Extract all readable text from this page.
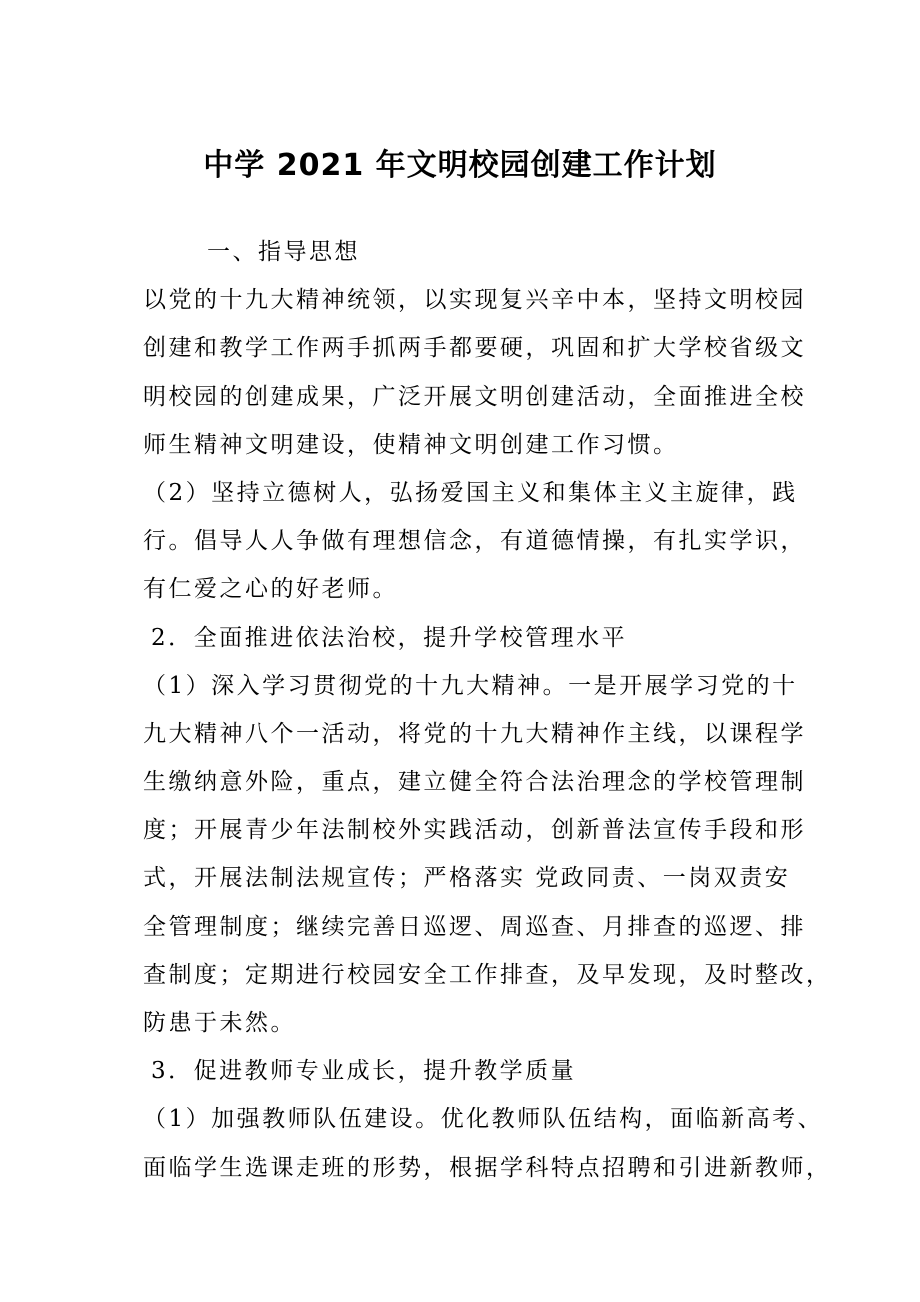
中学 2021 年文明校园创建工作计划
一、指导思想
以党的十九大精神统领，以实现复兴辛中本，坚持文明校园
创建和教学工作两手抓两手都要硬，巩固和扩大学校省级文
明校园的创建成果，广泛开展文明创建活动，全面推进全校
师生精神文明建设，使精神文明创建工作习惯。
（2）坚持立德树人，弘扬爱国主义和集体主义主旋律，践
行。倡导人人争做有理想信念，有道德情操，有扎实学识，
有仁爱之心的好老师。
2．全面推进依法治校，提升学校管理水平
（1）深入学习贯彻党的十九大精神。一是开展学习党的十
九大精神八个一活动，将党的十九大精神作主线，以课程学
生缴纳意外险，重点，建立健全符合法治理念的学校管理制
度；开展青少年法制校外实践活动，创新普法宣传手段和形
式，开展法制法规宣传；严格落实 党政同责、一岗双责安
全管理制度；继续完善日巡逻、周巡查、月排查的巡逻、排
查制度；定期进行校园安全工作排查，及早发现，及时整改，
防患于未然。
3．促进教师专业成长，提升教学质量
（1）加强教师队伍建设。优化教师队伍结构，面临新高考、
面临学生选课走班的形势，根据学科特点招聘和引进新教师，
